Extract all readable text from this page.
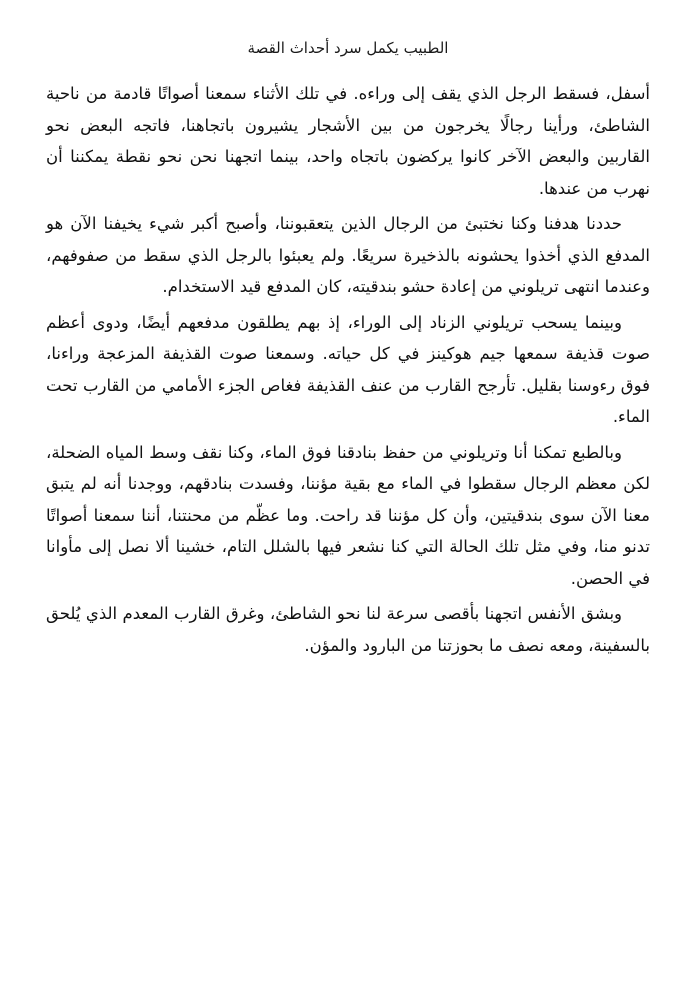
الطبيب يكمل سرد أحداث القصة

أسفل، فسقط الرجل الذي يقف إلى وراءه. في تلك الأثناء سمعنا أصواتًا قادمة من ناحية الشاطئ، ورأينا رجالًا يخرجون من بين الأشجار يشيرون باتجاهنا، فاتجه البعض نحو القاربين والبعض الآخر كانوا يركضون باتجاه واحد، بينما اتجهنا نحن نحو نقطة يمكننا أن نهرب من عندها.

حددنا هدفنا وكنا نختبئ من الرجال الذين يتعقبوننا، وأصبح أكبر شيء يخيفنا الآن هو المدفع الذي أخذوا يحشونه بالذخيرة سريعًا. ولم يعبئوا بالرجل الذي سقط من صفوفهم، وعندما انتهى تريلوني من إعادة حشو بندقيته، كان المدفع قيد الاستخدام.

وبينما يسحب تريلوني الزناد إلى الوراء، إذ بهم يطلقون مدفعهم أيضًا، ودوى أعظم صوت قذيفة سمعها جيم هوكينز في كل حياته. وسمعنا صوت القذيفة المزعجة وراءنا، فوق رءوسنا بقليل. تأرجح القارب من عنف القذيفة فغاص الجزء الأمامي من القارب تحت الماء.

وبالطبع تمكنا أنا وتريلوني من حفظ بنادقنا فوق الماء، وكنا نقف وسط المياه الضحلة، لكن معظم الرجال سقطوا في الماء مع بقية مؤننا، وفسدت بنادقهم، ووجدنا أنه لم يتبق معنا الآن سوى بندقيتين، وأن كل مؤننا قد راحت. وما عظّم من محنتنا، أننا سمعنا أصواتًا تدنو منا، وفي مثل تلك الحالة التي كنا نشعر فيها بالشلل التام، خشينا ألا نصل إلى مأوانا في الحصن.

وبشق الأنفس اتجهنا بأقصى سرعة لنا نحو الشاطئ، وغرق القارب المعدم الذي يُلحق بالسفينة، ومعه نصف ما بحوزتنا من البارود والمؤن.
